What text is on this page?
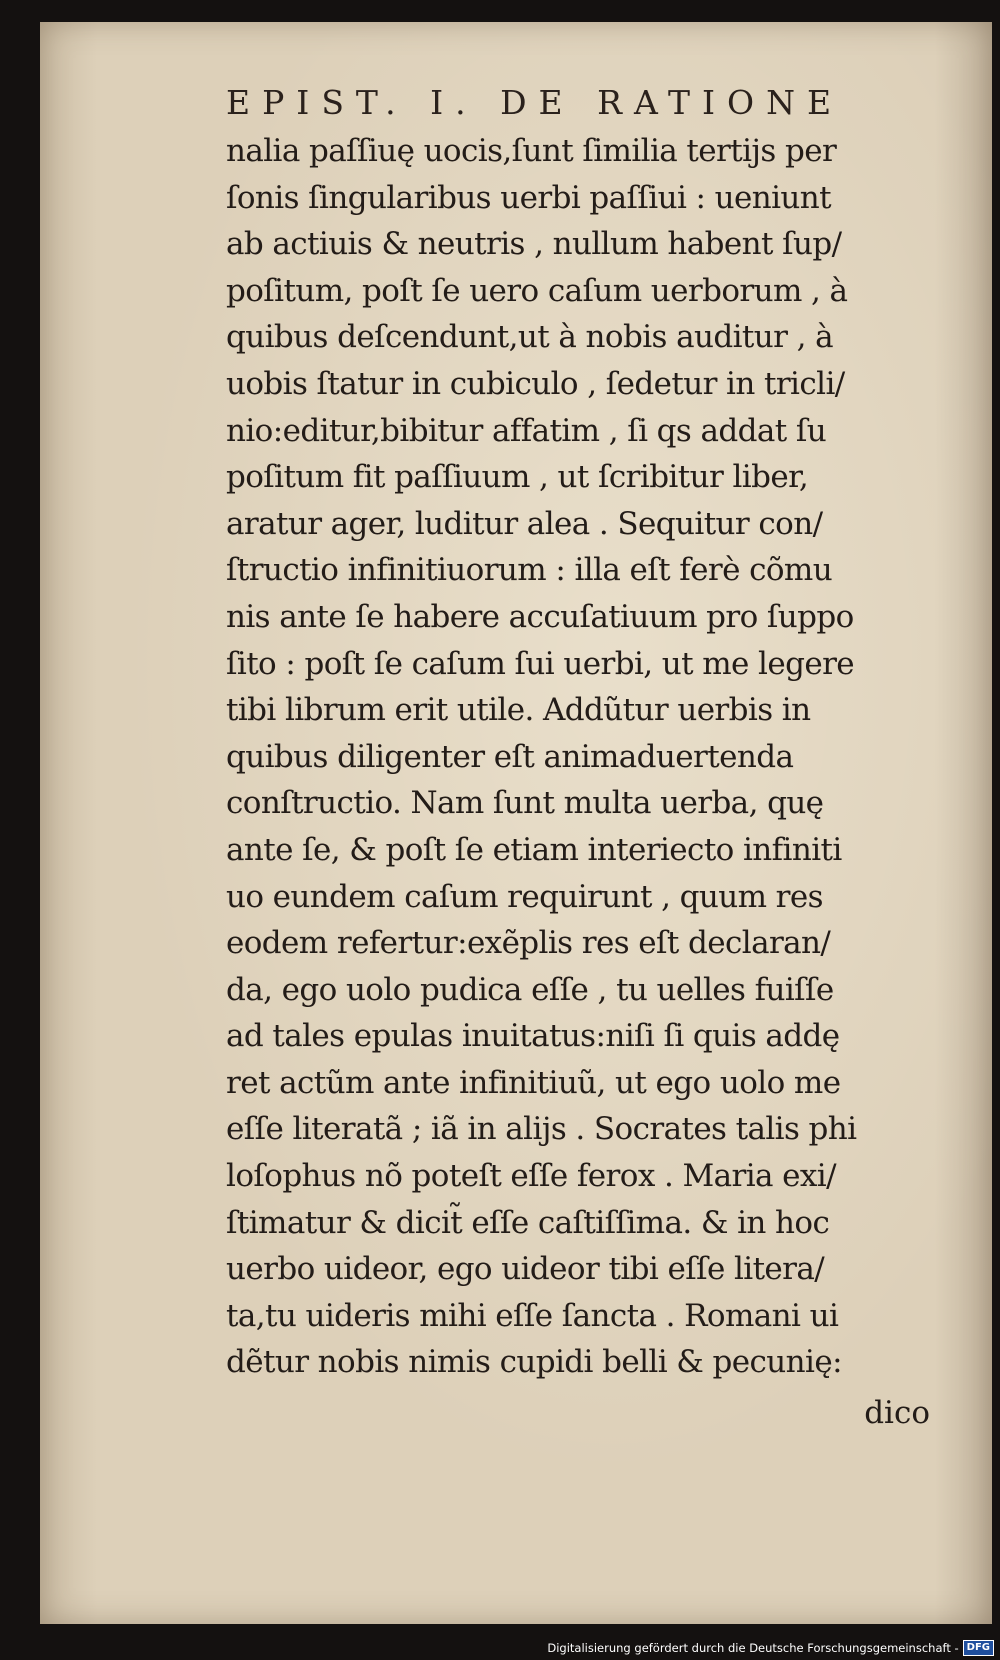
EPIST. I. DE RATIONE
nalia paſſiuę uocis,ſunt ſimilia tertijs per
ſonis ſingularibus uerbi paſſiui : ueniunt
ab actiuis & neutris , nullum habent ſup/
poſitum, poſt ſe uero caſum uerborum , à
quibus deſcendunt,ut à nobis auditur , à
uobis ſtatur in cubiculo , ſedetur in tricli/
nio:editur,bibitur affatim , ſi qs addat ſu
poſitum fit paſſiuum , ut ſcribitur liber,
aratur ager, luditur alea . Sequitur con/
ſtructio infinitiuorum : illa eſt ferè cõmu
nis ante ſe habere accuſatiuum pro ſuppo
ſito : poſt ſe caſum ſui uerbi, ut me legere
tibi librum erit utile. Addũtur uerbis in
quibus diligenter eſt animaduertenda
conſtructio. Nam ſunt multa uerba, quę
ante ſe, & poſt ſe etiam interiecto infiniti
uo eundem caſum requirunt , quum res
eodem refertur:exẽplis res eſt declaran/
da, ego uolo pudica eſſe , tu uelles fuiſſe
ad tales epulas inuitatus:niſi ſi quis addę
ret actũm ante infinitiuũ, ut ego uolo me
eſſe literatã ; iã in alijs . Socrates talis phi
loſophus nõ poteſt eſſe ferox . Maria exi/
ſtimatur & dicit̃ eſſe caſtiſſima. & in hoc
uerbo uideor, ego uideor tibi eſſe litera/
ta,tu uideris mihi eſſe ſancta . Romani ui
dẽtur nobis nimis cupidi belli & pecunię:
dico
Digitalisierung gefördert durch die Deutsche Forschungsgemeinschaft - DFG
